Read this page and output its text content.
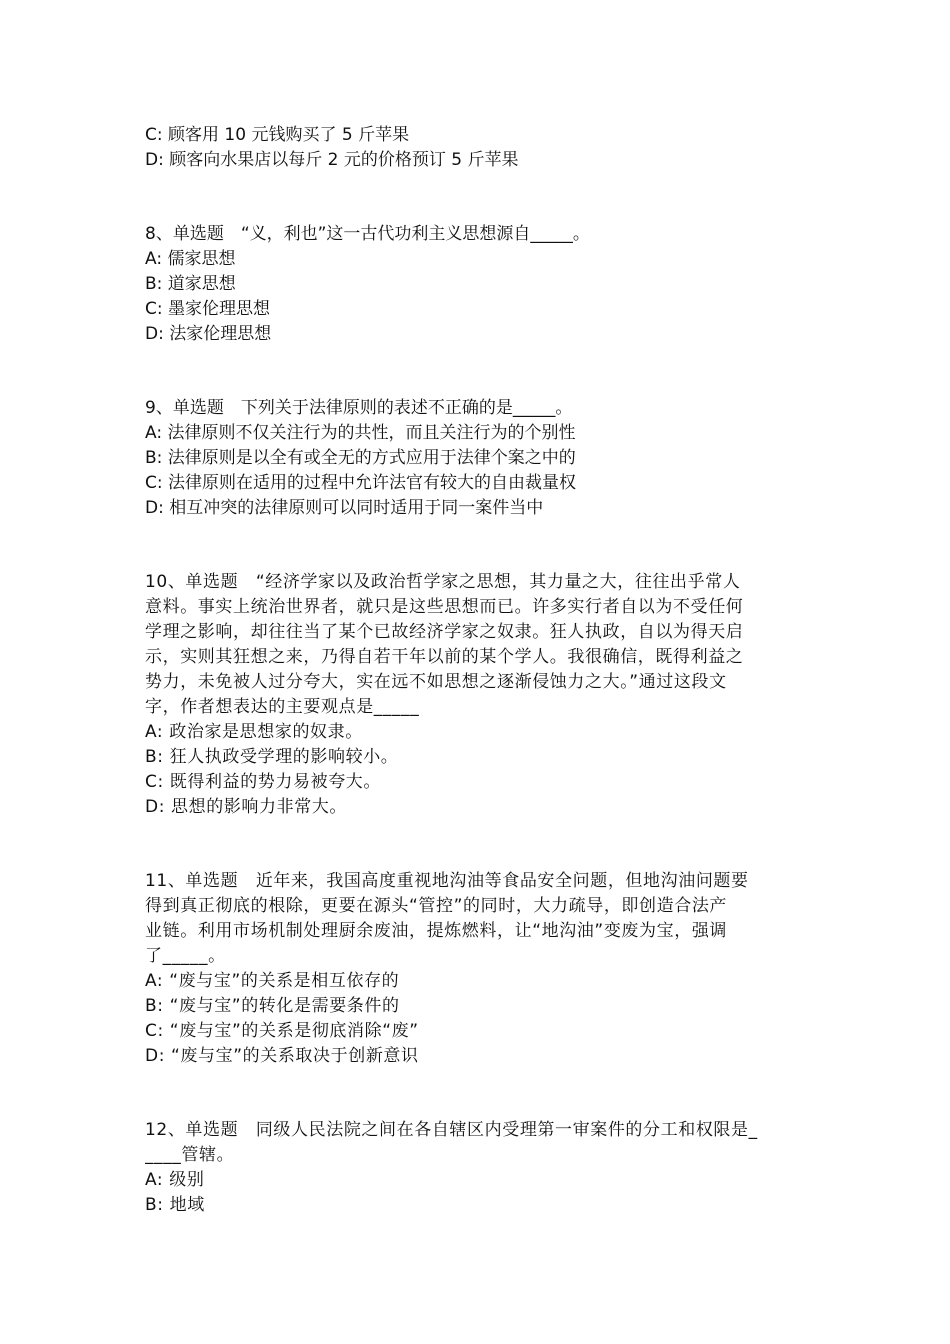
C: 顾客用 10 元钱购买了 5 斤苹果
D: 顾客向水果店以每斤 2 元的价格预订 5 斤苹果
8、单选题　“义，利也”这一古代功利主义思想源自_____。
A: 儒家思想
B: 道家思想
C: 墨家伦理思想
D: 法家伦理思想
9、单选题　下列关于法律原则的表述不正确的是_____。
A: 法律原则不仅关注行为的共性，而且关注行为的个别性
B: 法律原则是以全有或全无的方式应用于法律个案之中的
C: 法律原则在适用的过程中允许法官有较大的自由裁量权
D: 相互冲突的法律原则可以同时适用于同一案件当中
10、单选题　“经济学家以及政治哲学家之思想，其力量之大，往往出乎常人
意料。事实上统治世界者，就只是这些思想而已。许多实行者自以为不受任何
学理之影响，却往往当了某个已故经济学家之奴隶。狂人执政，自以为得天启
示，实则其狂想之来，乃得自若干年以前的某个学人。我很确信，既得利益之
势力，未免被人过分夸大，实在远不如思想之逐渐侵蚀力之大。”通过这段文
字，作者想表达的主要观点是_____
A: 政治家是思想家的奴隶。
B: 狂人执政受学理的影响较小。
C: 既得利益的势力易被夸大。
D: 思想的影响力非常大。
11、单选题　近年来，我国高度重视地沟油等食品安全问题，但地沟油问题要
得到真正彻底的根除，更要在源头“管控”的同时，大力疏导，即创造合法产
业链。利用市场机制处理厨余废油，提炼燃料，让“地沟油”变废为宝，强调
了_____。
A: “废与宝”的关系是相互依存的
B: “废与宝”的转化是需要条件的
C: “废与宝”的关系是彻底消除“废”
D: “废与宝”的关系取决于创新意识
12、单选题　同级人民法院之间在各自辖区内受理第一审案件的分工和权限是_
____管辖。
A: 级别
B: 地域
